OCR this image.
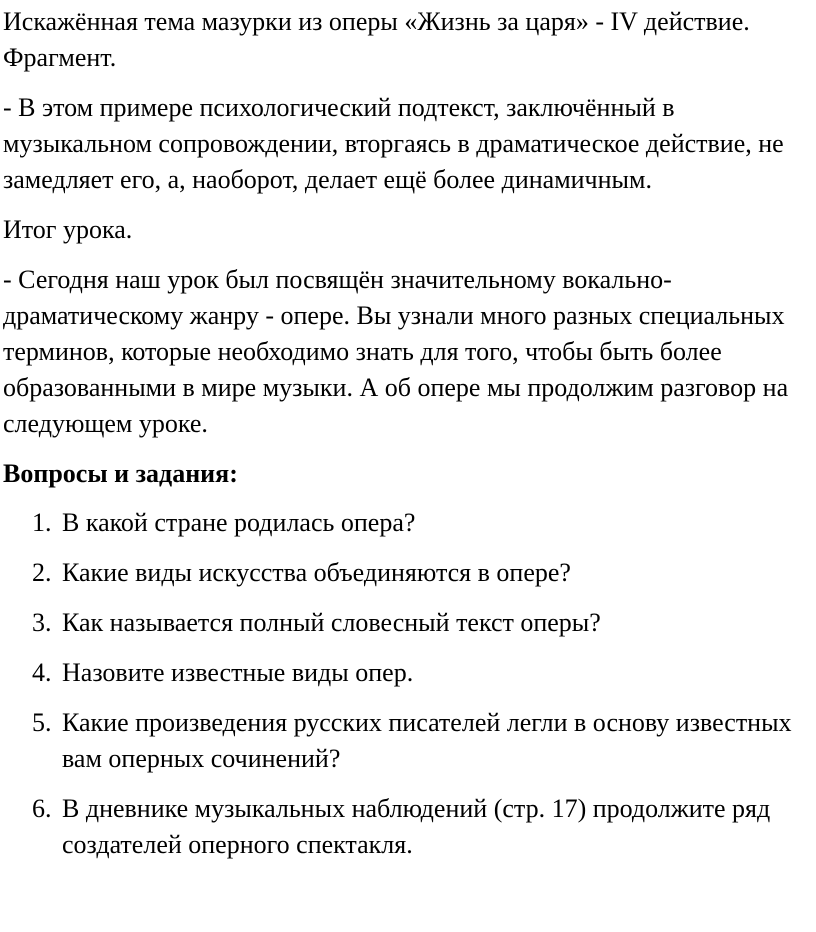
Искажённая тема мазурки из оперы «Жизнь за царя» - IV действие. Фрагмент.

- В этом примере психологический подтекст, заключённый в музыкальном сопровождении, вторгаясь в драматическое действие, не замедляет его, а, наоборот, делает ещё более динамичным.

Итог урока.

- Сегодня наш урок был посвящён значительному вокально-драматическому жанру - опере. Вы узнали много разных специальных терминов, которые необходимо знать для того, чтобы быть более образованными в мире музыки. А об опере мы продолжим разговор на следующем уроке.

Вопросы и задания:

1. В какой стране родилась опера?
2. Какие виды искусства объединяются в опере?
3. Как называется полный словесный текст оперы?
4. Назовите известные виды опер.
5. Какие произведения русских писателей легли в основу известных вам оперных сочинений?
6. В дневнике музыкальных наблюдений (стр. 17) продолжите ряд создателей оперного спектакля.
